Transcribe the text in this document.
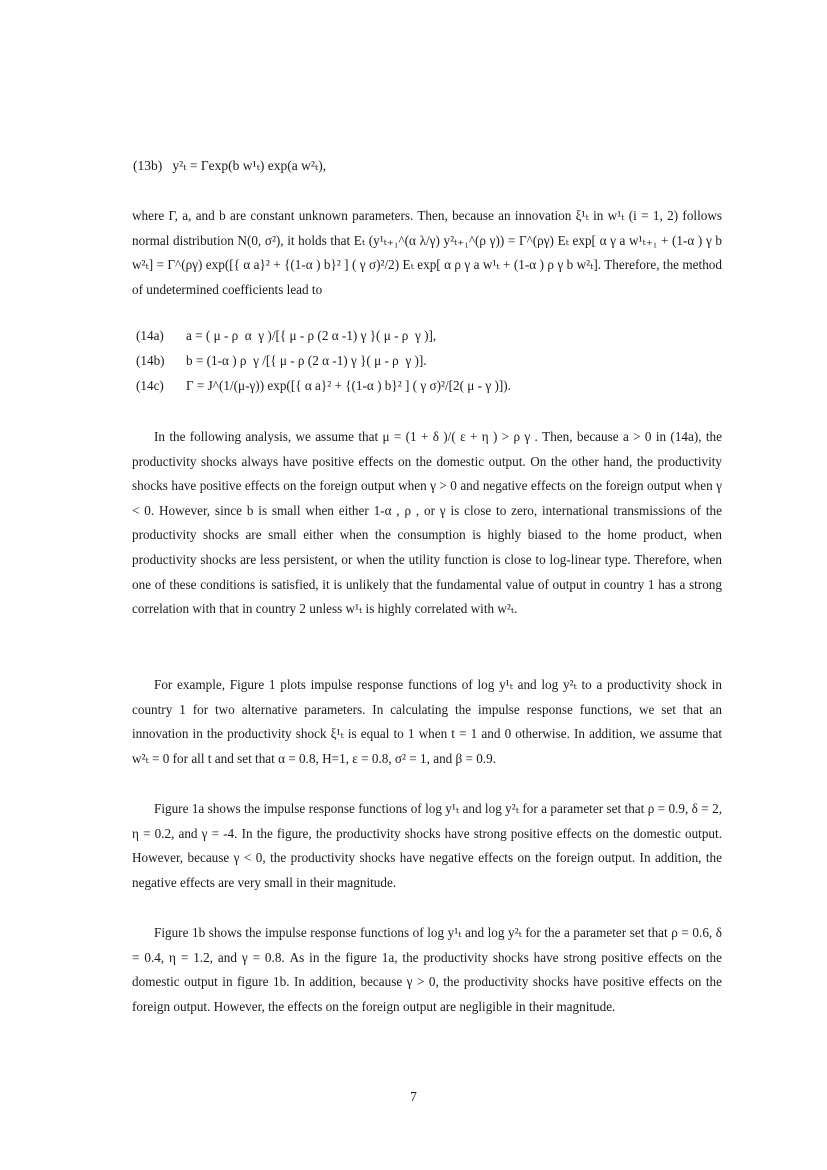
(13b)   y²ₜ = Γexp(b w¹ₜ) exp(a w²ₜ),
where Γ, a, and b are constant unknown parameters. Then, because an innovation ξ¹ₜ in w¹ₜ (i = 1, 2) follows normal distribution N(0, σ²), it holds that Eₜ (y¹ₜ₊₁^(α λ/γ) y²ₜ₊₁^(ρ γ)) = Γ^(ργ) Eₜ exp[ α γ a w¹ₜ₊₁ + (1-α ) γ b w²ₜ] = Γ^(ργ) exp([{ α a}² + {(1-α ) b}² ] ( γ σ)²/2) Eₜ exp[ α ρ γ a w¹ₜ + (1-α ) ρ γ b w²ₜ]. Therefore, the method of undetermined coefficients lead to
(14a) a = ( μ - ρ  α  γ )/[{ μ - ρ (2 α -1) γ }( μ - ρ  γ )],
(14b) b = (1-α ) ρ  γ /[{ μ - ρ (2 α -1) γ }( μ - ρ  γ )].
(14c) Γ = J^(1/(μ-γ)) exp([{ α a}² + {(1-α ) b}² ] ( γ σ)²/[2( μ - γ )]).
In the following analysis, we assume that μ = (1 + δ )/( ε + η ) > ρ γ . Then, because a > 0 in (14a), the productivity shocks always have positive effects on the domestic output. On the other hand, the productivity shocks have positive effects on the foreign output when γ > 0 and negative effects on the foreign output when γ < 0. However, since b is small when either 1-α , ρ , or γ is close to zero, international transmissions of the productivity shocks are small either when the consumption is highly biased to the home product, when productivity shocks are less persistent, or when the utility function is close to log-linear type. Therefore, when one of these conditions is satisfied, it is unlikely that the fundamental value of output in country 1 has a strong correlation with that in country 2 unless w¹ₜ is highly correlated with w²ₜ.
For example, Figure 1 plots impulse response functions of log y¹ₜ and log y²ₜ to a productivity shock in country 1 for two alternative parameters. In calculating the impulse response functions, we set that an innovation in the productivity shock ξ¹ₜ is equal to 1 when t = 1 and 0 otherwise. In addition, we assume that w²ₜ = 0 for all t and set that α = 0.8, H=1, ε = 0.8, σ² = 1, and β = 0.9.
Figure 1a shows the impulse response functions of log y¹ₜ and log y²ₜ for a parameter set that ρ = 0.9, δ = 2, η = 0.2, and γ = -4. In the figure, the productivity shocks have strong positive effects on the domestic output. However, because γ < 0, the productivity shocks have negative effects on the foreign output. In addition, the negative effects are very small in their magnitude.
Figure 1b shows the impulse response functions of log y¹ₜ and log y²ₜ for the a parameter set that ρ = 0.6, δ = 0.4, η = 1.2, and γ = 0.8. As in the figure 1a, the productivity shocks have strong positive effects on the domestic output in figure 1b. In addition, because γ > 0, the productivity shocks have positive effects on the foreign output. However, the effects on the foreign output are negligible in their magnitude.
7
